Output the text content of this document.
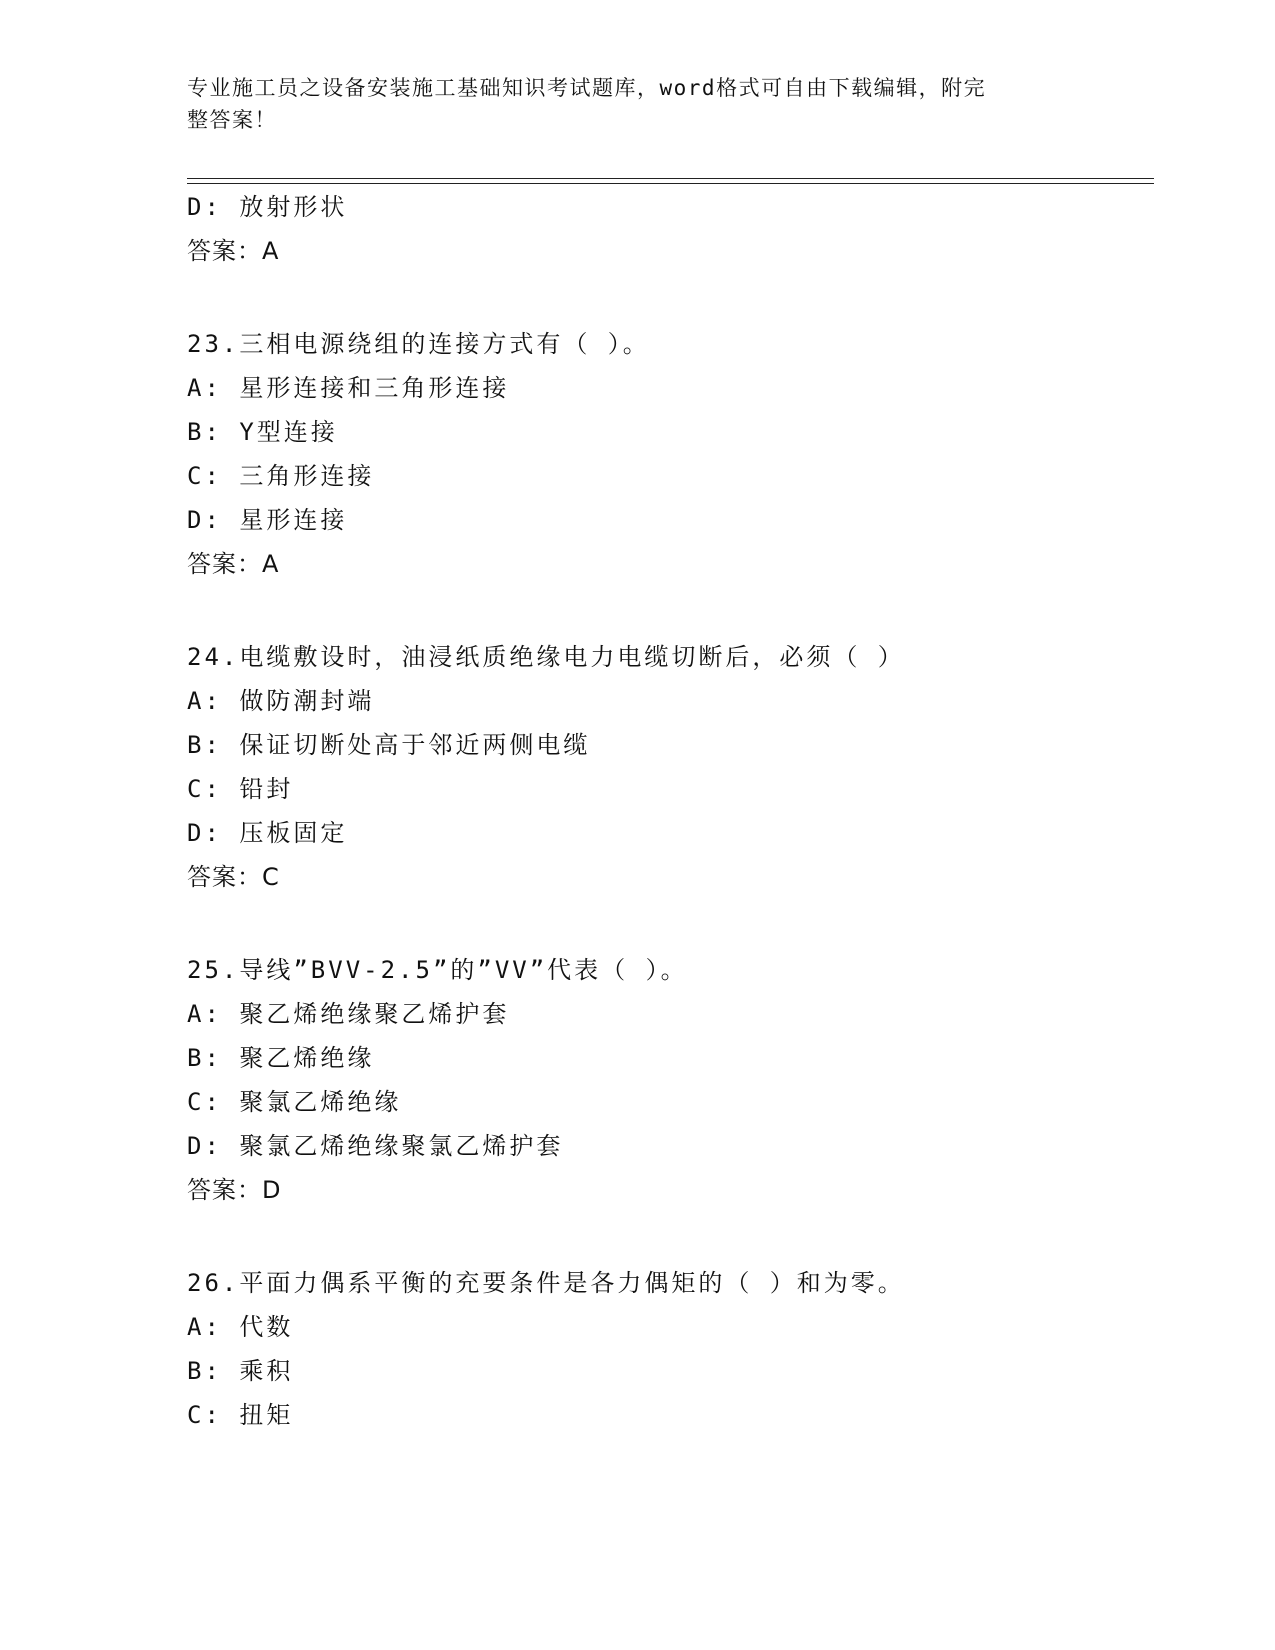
专业施工员之设备安装施工基础知识考试题库，word格式可自由下载编辑，附完
整答案！
D: 放射形状
答案：A
23.三相电源绕组的连接方式有（ ）。
A: 星形连接和三角形连接
B: Y型连接
C: 三角形连接
D: 星形连接
答案：A
24.电缆敷设时，油浸纸质绝缘电力电缆切断后，必须（ ）
A: 做防潮封端
B: 保证切断处高于邻近两侧电缆
C: 铅封
D: 压板固定
答案：C
25.导线”BVV-2.5”的”VV”代表（ ）。
A: 聚乙烯绝缘聚乙烯护套
B: 聚乙烯绝缘
C: 聚氯乙烯绝缘
D: 聚氯乙烯绝缘聚氯乙烯护套
答案：D
26.平面力偶系平衡的充要条件是各力偶矩的（ ）和为零。
A: 代数
B: 乘积
C: 扭矩
